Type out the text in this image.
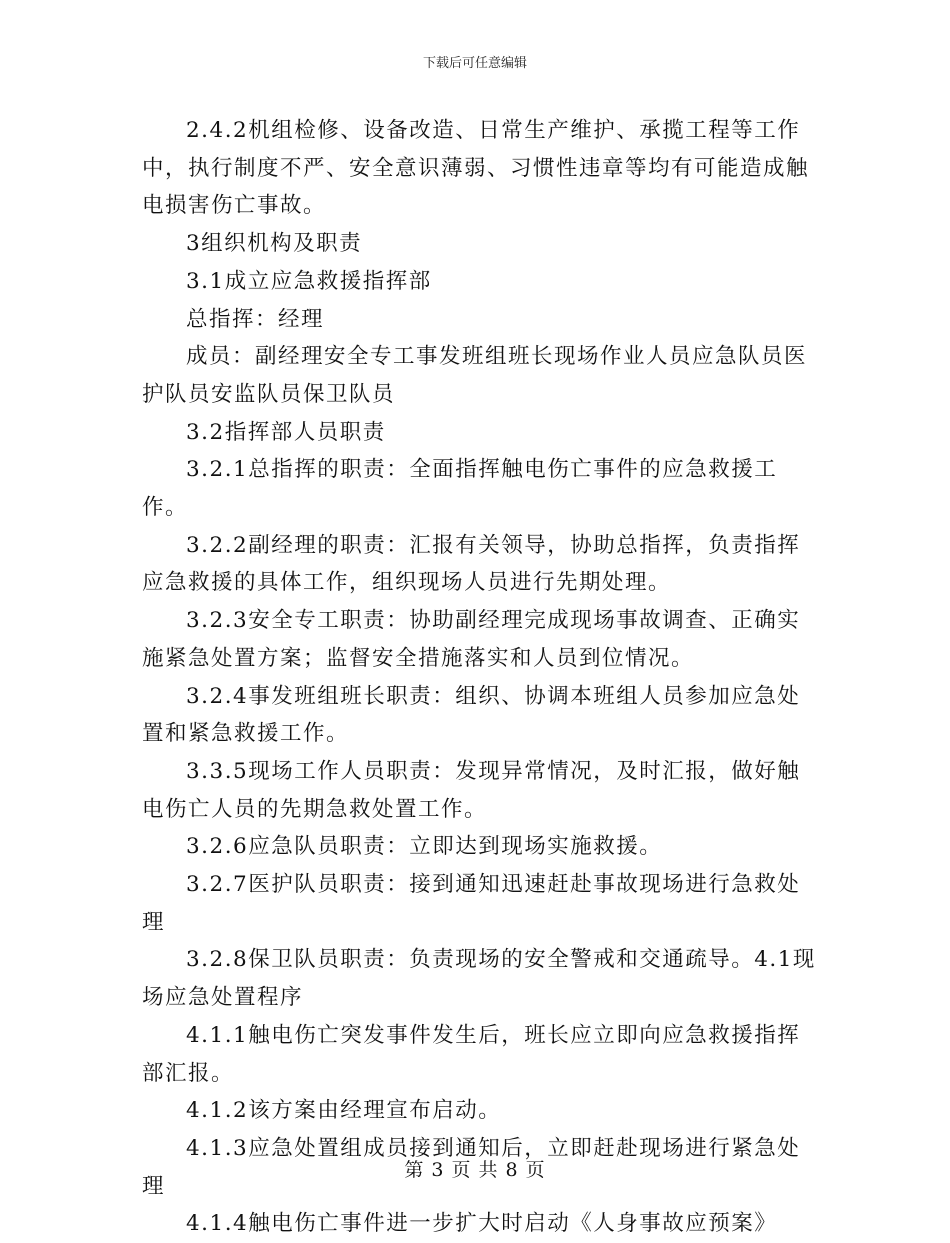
下载后可任意编辑

2.4.2机组检修、设备改造、日常生产维护、承揽工程等工作中，执行制度不严、安全意识薄弱、习惯性违章等均有可能造成触电损害伤亡事故。

3组织机构及职责

3.1成立应急救援指挥部

总指挥：经理

成员：副经理安全专工事发班组班长现场作业人员应急队员医护队员安监队员保卫队员

3.2指挥部人员职责

3.2.1总指挥的职责：全面指挥触电伤亡事件的应急救援工作。

3.2.2副经理的职责：汇报有关领导，协助总指挥，负责指挥应急救援的具体工作，组织现场人员进行先期处理。

3.2.3安全专工职责：协助副经理完成现场事故调查、正确实施紧急处置方案；监督安全措施落实和人员到位情况。

3.2.4事发班组班长职责：组织、协调本班组人员参加应急处置和紧急救援工作。

3.3.5现场工作人员职责：发现异常情况，及时汇报，做好触电伤亡人员的先期急救处置工作。

3.2.6应急队员职责：立即达到现场实施救援。

3.2.7医护队员职责：接到通知迅速赶赴事故现场进行急救处理

3.2.8保卫队员职责：负责现场的安全警戒和交通疏导。4.1现场应急处置程序

4.1.1触电伤亡突发事件发生后，班长应立即向应急救援指挥部汇报。

4.1.2该方案由经理宣布启动。

4.1.3应急处置组成员接到通知后，立即赶赴现场进行紧急处理

4.1.4触电伤亡事件进一步扩大时启动《人身事故应预案》

第 3 页 共 8 页
